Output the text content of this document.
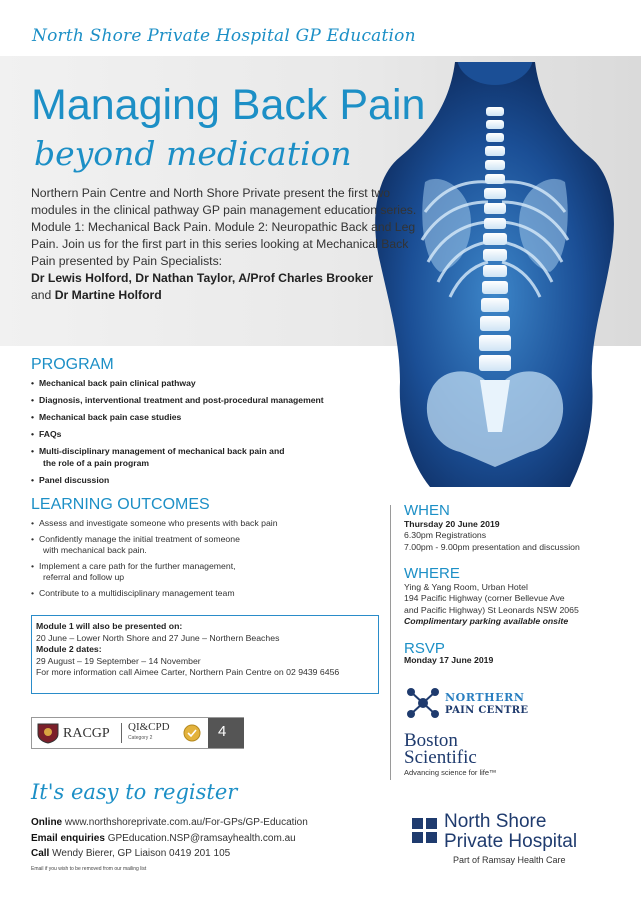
North Shore Private Hospital GP Education
Managing Back Pain
beyond medication
Northern Pain Centre and North Shore Private present the first two modules in the clinical pathway GP pain management education series. Module 1: Mechanical Back Pain. Module 2: Neuropathic Back and Leg Pain. Join us for the first part in this series looking at Mechanical Back Pain presented by Pain Specialists:
Dr Lewis Holford, Dr Nathan Taylor, A/Prof Charles Brooker
and Dr Martine Holford
PROGRAM
• Mechanical back pain clinical pathway
• Diagnosis, interventional treatment and post-procedural management
• Mechanical back pain case studies
• FAQs
• Multi-disciplinary management of mechanical back pain and
the role of a pain program
• Panel discussion
LEARNING OUTCOMES
• Assess and investigate someone who presents with back pain
• Confidently manage the initial treatment of someone
with mechanical back pain.
• Implement a care path for the further management,
referral and follow up
• Contribute to a multidisciplinary management team
Module 1 will also be presented on:
20 June – Lower North Shore and 27 June – Northern Beaches
Module 2 dates:
29 August – 19 September – 14 November
For more information call Aimee Carter, Northern Pain Centre on 02 9439 6456
RACGP QI&CPD
Category 2	4
WHEN
Thursday 20 June 2019
6.30pm Registrations
7.00pm - 9.00pm presentation and discussion
WHERE
Ying & Yang Room, Urban Hotel
194 Pacific Highway (corner Bellevue Ave
and Pacific Highway) St Leonards NSW 2065
Complimentary parking available onsite
RSVP
Monday 17 June 2019
NORTHERN
PAIN CENTRE
Boston
Scientific
Advancing science for life™
It's easy to register
Online www.northshoreprivate.com.au/For-GPs/GP-Education
Email enquiries GPEducation.NSP@ramsayhealth.com.au
Call Wendy Bierer, GP Liaison 0419 201 105
Email if you wish to be removed from our mailing list
North Shore
Private Hospital
Part of Ramsay Health Care
